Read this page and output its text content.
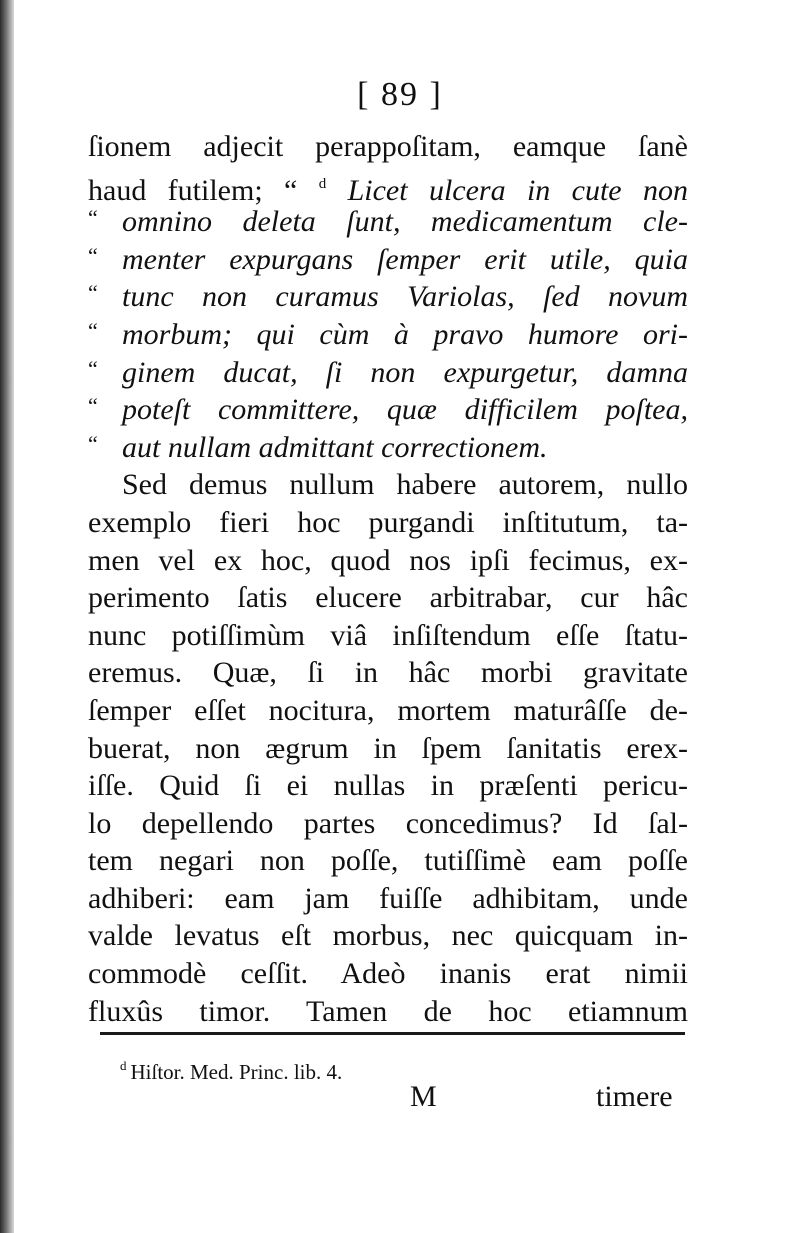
[ 89 ]
ſionem adjecit perappoſitam, eamque ſanè
haud futilem; “ $^d$ Licet ulcera in cute non
“ omnino deleta ſunt, medicamentum cle-
“ menter expurgans ſemper erit utile, quia
“ tunc non curamus Variolas, ſed novum
“ morbum; qui cùm à pravo humore ori-
“ ginem ducat, ſi non expurgetur, damna
“ poteſt committere, quæ difficilem poſtea,
“ aut nullam admittant correctionem.
Sed demus nullum habere autorem, nullo
exemplo fieri hoc purgandi inſtitutum, ta-
men vel ex hoc, quod nos ipſi fecimus, ex-
perimento ſatis elucere arbitrabar, cur hâc
nunc potiſſimùm viâ inſiſtendum eſſe ſtatu-
eremus. Quæ, ſi in hâc morbi gravitate
ſemper eſſet nocitura, mortem maturâſſe de-
buerat, non ægrum in ſpem ſanitatis erex-
iſſe. Quid ſi ei nullas in præſenti pericu-
lo depellendo partes concedimus? Id ſal-
tem negari non poſſe, tutiſſimè eam poſſe
adhiberi: eam jam fuiſſe adhibitam, unde
valde levatus eſt morbus, nec quicquam in-
commodè ceſſit. Adeò inanis erat nimii
fluxûs timor. Tamen de hoc etiamnum
$^d$ Hiſtor. Med. Princ. lib. 4.
M	timere
